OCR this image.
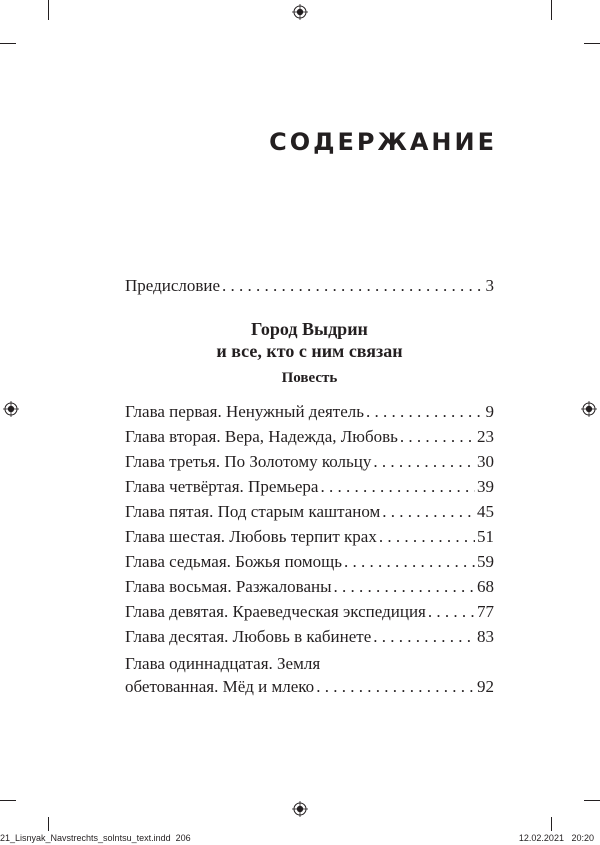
СОДЕРЖАНИЕ
Предисловие . . .	3
Город Выдрин
и все, кто с ним связан
Повесть
Глава первая. Ненужный деятель . . .	9
Глава вторая. Вера, Надежда, Любовь . . .	23
Глава третья. По Золотому кольцу . . .	30
Глава четвёртая. Премьера . . .	39
Глава пятая. Под старым каштаном . . .	45
Глава шестая. Любовь терпит крах . . .	51
Глава седьмая. Божья помощь . . .	59
Глава восьмая. Разжалованы . . .	68
Глава девятая. Краеведческая экспедиция . . .	77
Глава десятая. Любовь в кабинете . . .	83
Глава одиннадцатая. Земля
обетованная. Мёд и млеко . . .	92
21_Lisnyak_Navstrechts_solntsu_text.indd 206	12.02.2021 20:20
